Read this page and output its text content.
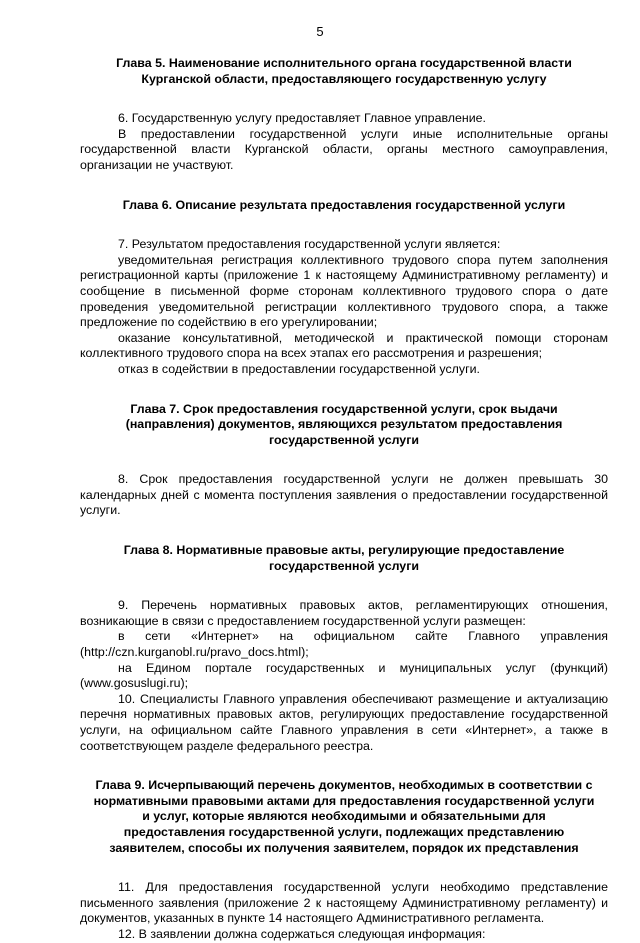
5
Глава 5. Наименование исполнительного органа государственной власти
Курганской области, предоставляющего государственную услугу

6. Государственную услугу предоставляет Главное управление.

В предоставлении государственной услуги иные исполнительные органы государственной власти Курганской области, органы местного самоуправления, организации не участвуют.

Глава 6. Описание результата предоставления государственной услуги

7. Результатом предоставления государственной услуги является:

уведомительная регистрация коллективного трудового спора путем заполнения регистрационной карты (приложение 1 к настоящему Административному регламенту) и сообщение в письменной форме сторонам коллективного трудового спора о дате проведения уведомительной регистрации коллективного трудового спора, а также предложение по содействию в его урегулировании;

оказание консультативной, методической и практической помощи сторонам коллективного трудового спора на всех этапах его рассмотрения и разрешения;

отказ в содействии в предоставлении государственной услуги.

Глава 7. Срок предоставления государственной услуги, срок выдачи
(направления) документов, являющихся результатом предоставления
государственной услуги

8. Срок предоставления государственной услуги не должен превышать 30 календарных дней с момента поступления заявления о предоставлении государственной услуги.

Глава 8. Нормативные правовые акты, регулирующие предоставление
государственной услуги

9. Перечень нормативных правовых актов, регламентирующих отношения, возникающие в связи с предоставлением государственной услуги размещен:

в сети «Интернет» на официальном сайте Главного управления (http://czn.kurganobl.ru/pravo_docs.html);

на Едином портале государственных и муниципальных услуг (функций) (www.gosuslugi.ru);

10. Специалисты Главного управления обеспечивают размещение и актуализацию перечня нормативных правовых актов, регулирующих предоставление государственной услуги, на официальном сайте Главного управления в сети «Интернет», а также в соответствующем разделе федерального реестра.

Глава 9. Исчерпывающий перечень документов, необходимых в соответствии с
нормативными правовыми актами для предоставления государственной услуги
и услуг, которые являются необходимыми и обязательными для
предоставления государственной услуги, подлежащих представлению
заявителем, способы их получения заявителем, порядок их представления

11. Для предоставления государственной услуги необходимо представление письменного заявления (приложение 2 к настоящему Административному регламенту) и документов, указанных в пункте 14 настоящего Административного регламента.

12. В заявлении должна содержаться следующая информация:
